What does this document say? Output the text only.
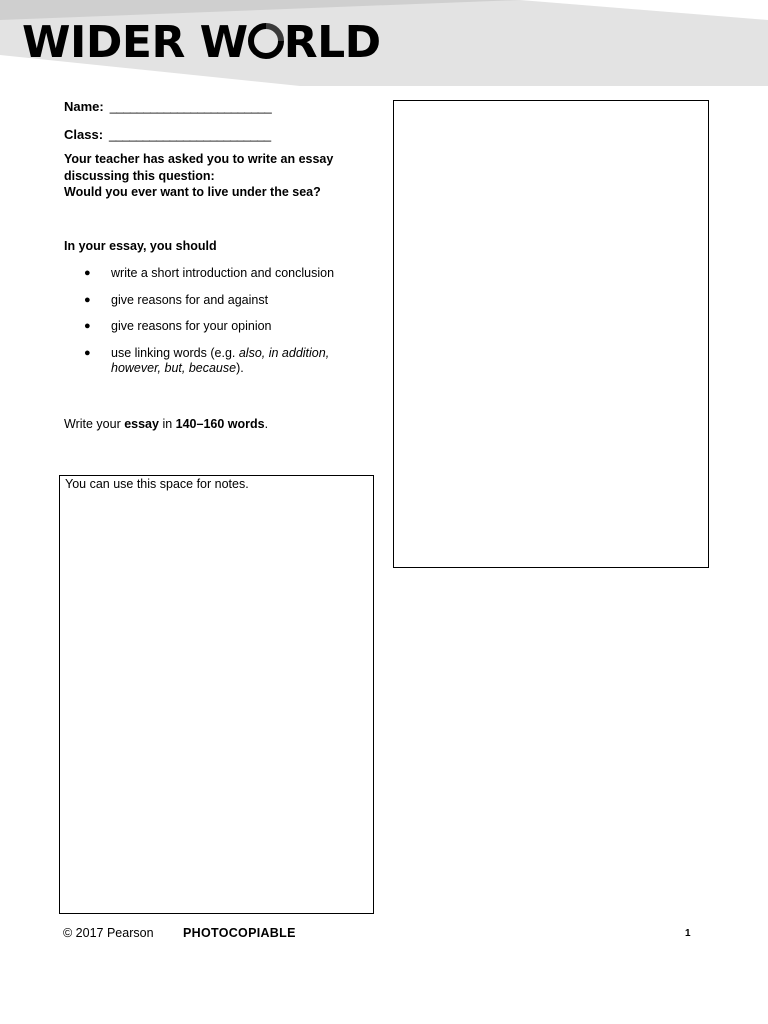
WIDER W RLD
Name: ________________________
Class: ________________________
Your teacher has asked you to write an essay
discussing this question:
Would you ever want to live under the sea?
In your essay, you should
● write a short introduction and conclusion
● give reasons for and against
● give reasons for your opinion
● use linking words (e.g. also, in addition, however, but, because).
Write your essay in 140–160 words.
You can use this space for notes.
© 2017 Pearson PHOTOCOPIABLE	1
